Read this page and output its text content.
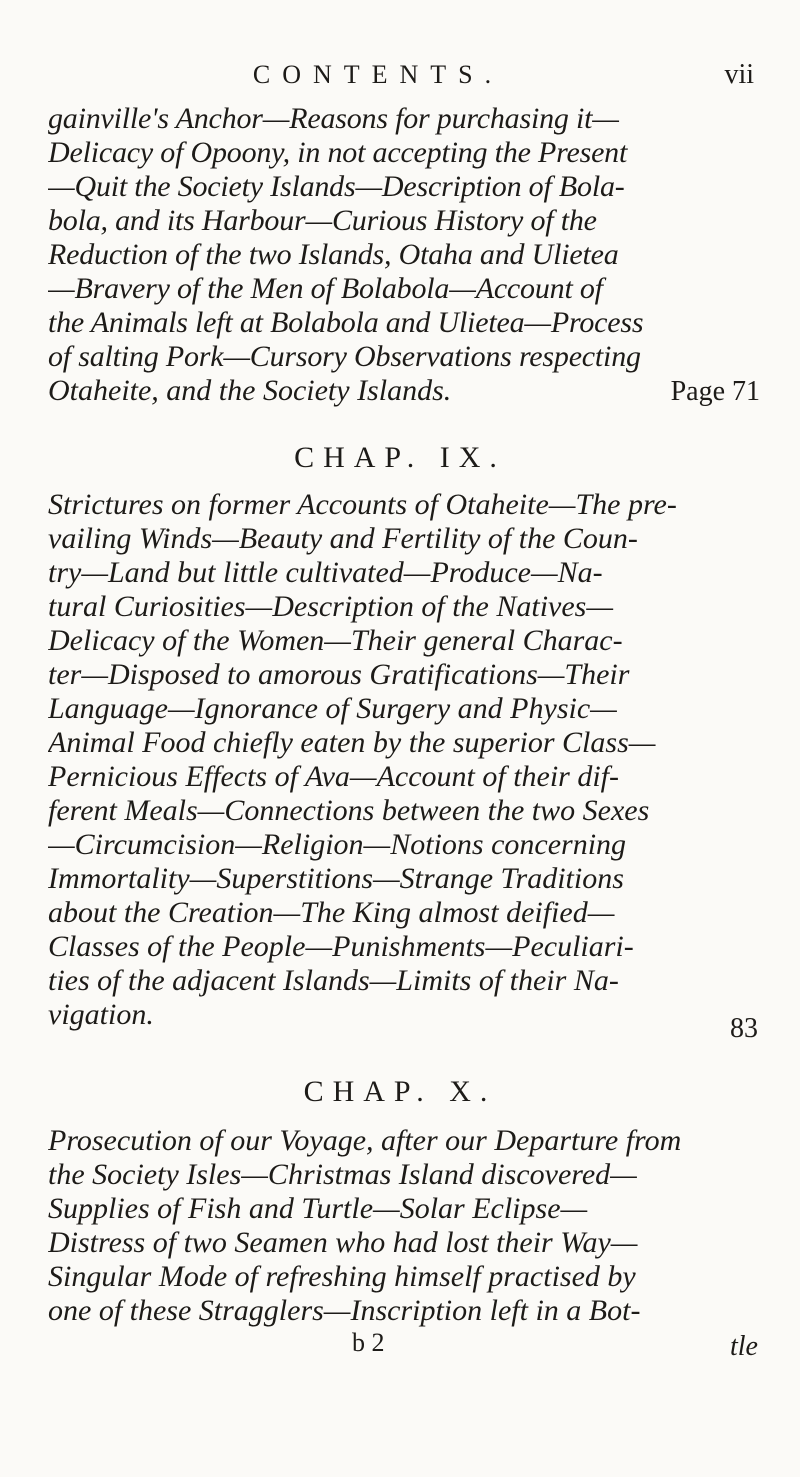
CONTENTS.	vii
gainville's Anchor—Reasons for purchasing it—
Delicacy of Opoony, in not accepting the Present
—Quit the Society Islands—Description of Bola-
bola, and its Harbour—Curious History of the
Reduction of the two Islands, Otaha and Ulietea
—Bravery of the Men of Bolabola—Account of
the Animals left at Bolabola and Ulietea—Process
of salting Pork—Cursory Observations respecting
Otaheite, and the Society Islands.	Page 71
CHAP. IX.
Strictures on former Accounts of Otaheite—The pre-
vailing Winds—Beauty and Fertility of the Coun-
try—Land but little cultivated—Produce—Na-
tural Curiosities—Description of the Natives—
Delicacy of the Women—Their general Charac-
ter—Disposed to amorous Gratifications—Their
Language—Ignorance of Surgery and Physic—
Animal Food chiefly eaten by the superior Class—
Pernicious Effects of Ava—Account of their dif-
ferent Meals—Connections between the two Sexes
—Circumcision—Religion—Notions concerning
Immortality—Superstitions—Strange Traditions
about the Creation—The King almost deified—
Classes of the People—Punishments—Peculiari-
ties of the adjacent Islands—Limits of their Na-
vigation.	83
CHAP. X.
Prosecution of our Voyage, after our Departure from
the Society Isles—Christmas Island discovered—
Supplies of Fish and Turtle—Solar Eclipse—
Distress of two Seamen who had lost their Way—
Singular Mode of refreshing himself practised by
one of these Stragglers—Inscription left in a Bot-
b 2	tle
